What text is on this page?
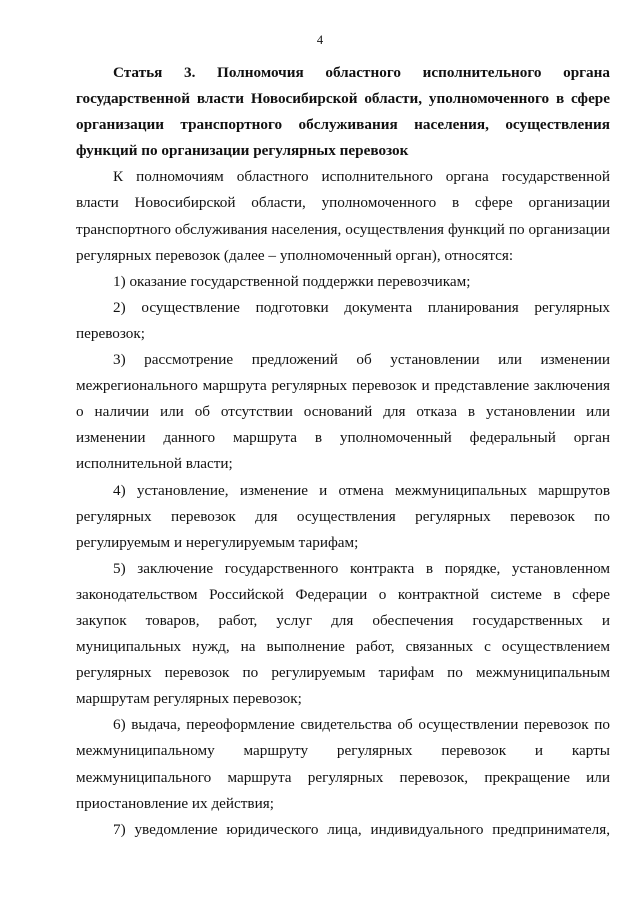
4

Статья 3. Полномочия областного исполнительного органа государственной власти Новосибирской области, уполномоченного в сфере организации транспортного обслуживания населения, осуществления функций по организации регулярных перевозок

К полномочиям областного исполнительного органа государственной власти Новосибирской области, уполномоченного в сфере организации транспортного обслуживания населения, осуществления функций по организации регулярных перевозок (далее – уполномоченный орган), относятся:

1) оказание государственной поддержки перевозчикам;

2) осуществление подготовки документа планирования регулярных перевозок;

3) рассмотрение предложений об установлении или изменении межрегионального маршрута регулярных перевозок и представление заключения о наличии или об отсутствии оснований для отказа в установлении или изменении данного маршрута в уполномоченный федеральный орган исполнительной власти;

4) установление, изменение и отмена межмуниципальных маршрутов регулярных перевозок для осуществления регулярных перевозок по регулируемым и нерегулируемым тарифам;

5) заключение государственного контракта в порядке, установленном законодательством Российской Федерации о контрактной системе в сфере закупок товаров, работ, услуг для обеспечения государственных и муниципальных нужд, на выполнение работ, связанных с осуществлением регулярных перевозок по регулируемым тарифам по межмуниципальным маршрутам регулярных перевозок;

6) выдача, переоформление свидетельства об осуществлении перевозок по межмуниципальному маршруту регулярных перевозок и карты межмуниципального маршрута регулярных перевозок, прекращение или приостановление их действия;

7) уведомление юридического лица, индивидуального предпринимателя,
